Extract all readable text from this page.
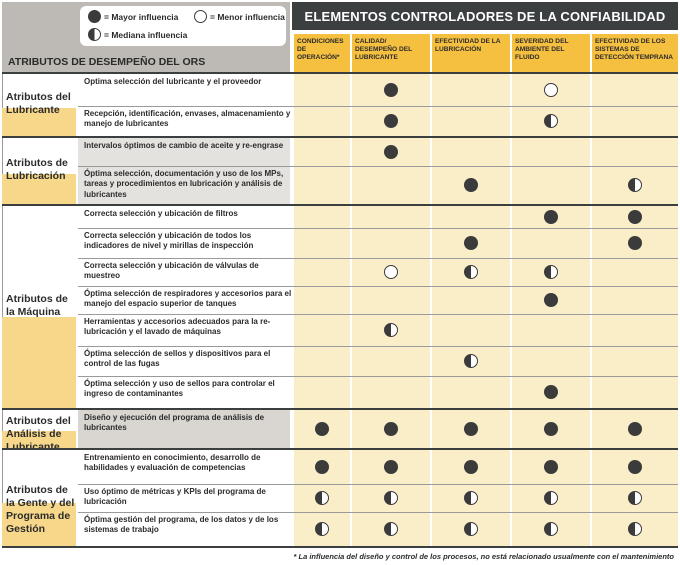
= Mayor influencia	= Menor influencia
= Mediana influencia
ATRIBUTOS DE DESEMPEÑO DEL ORS
ELEMENTOS CONTROLADORES DE LA CONFIABILIDAD
CONDICIONES DE OPERACIÓN*
CALIDAD/ DESEMPEÑO DEL LUBRICANTE
EFECTIVIDAD DE LA LUBRICACIÓN
SEVERIDAD DEL AMBIENTE DEL FLUIDO
EFECTIVIDAD DE LOS SISTEMAS DE DETECCIÓN TEMPRANA
Atributos del Lubricante
Optima selección del lubricante y el proveedor
Recepción, identificación, envases, almacenamiento y manejo de lubricantes
Atributos de Lubricación
Intervalos óptimos de cambio de aceite y re-engrase
Óptima selección, documentación y uso de los MPs, tareas y procedimientos en lubricación y análisis de lubricantes
Atributos de la Máquina
Correcta selección y ubicación de filtros
Correcta selección y ubicación de todos los indicadores de nivel y mirillas de inspección
Correcta selección y ubicación de válvulas de muestreo
Óptima selección de respiradores y accesorios para el manejo del espacio superior de tanques
Herramientas y accesorios adecuados para la re-lubricación y el lavado de máquinas
Óptima selección de sellos y dispositivos para el control de las fugas
Óptima selección y uso de sellos para controlar el ingreso de contaminantes
Atributos del Análisis de
Diseño y ejecución del programa de análisis de lubricantes
Atributos de la Gente y del Programa de Gestión
Entrenamiento en conocimiento, desarrollo de habilidades y evaluación de competencias
Uso óptimo de métricas y KPIs del programa de lubricación
Óptima gestión del programa, de los datos y de los sistemas de trabajo
* La influencia del diseño y control de los procesos, no está relacionado usualmente con el mantenimiento
